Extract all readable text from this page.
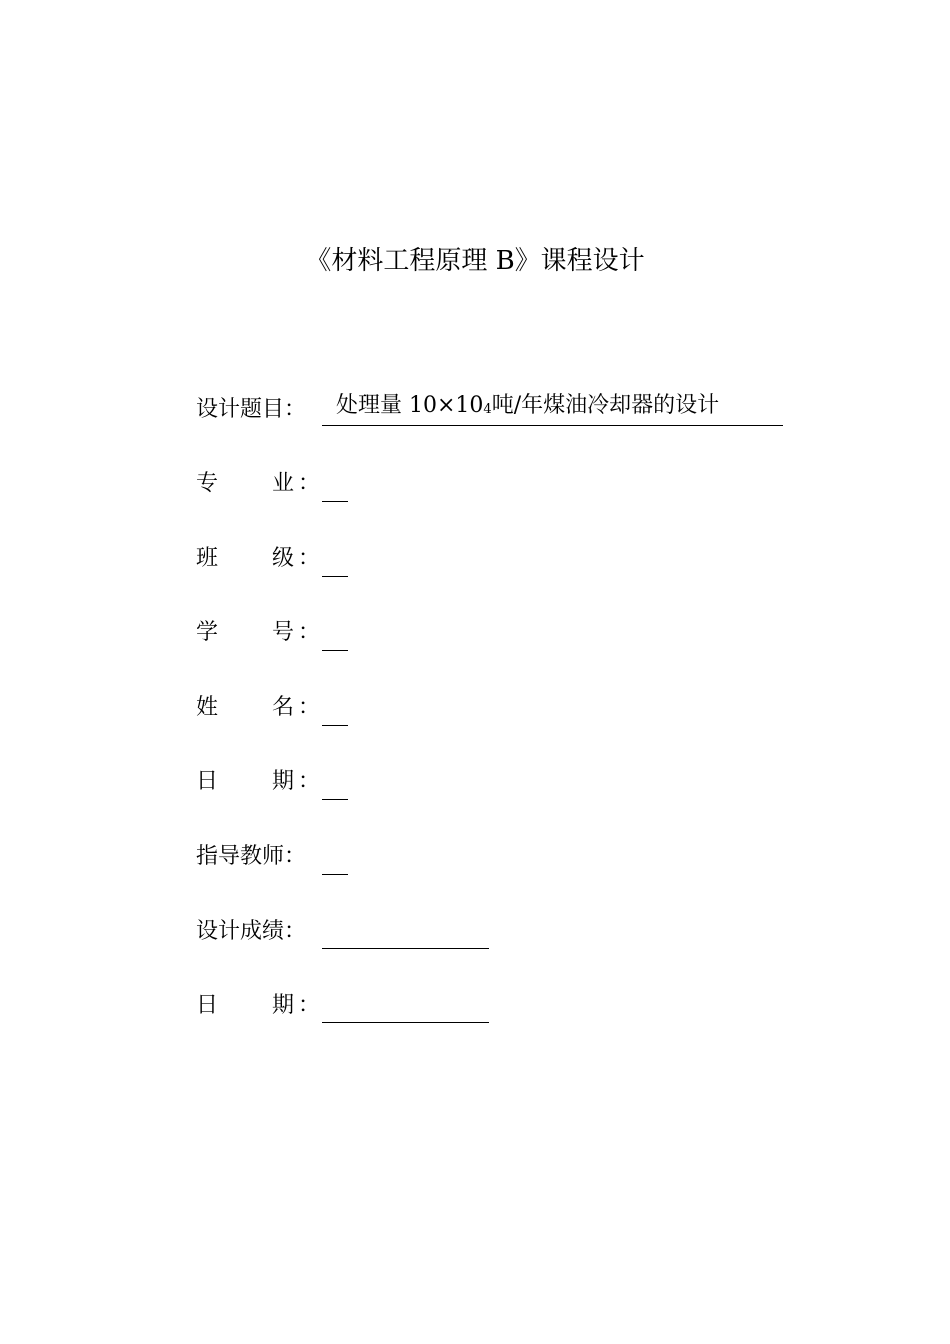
《材料工程原理 B》课程设计
设计题目：	处理量 $10\times 10^4$吨/年煤油冷却器的设计
专 业 ：
班 级 ：
学 号 ：
姓 名 ：
日 期 ：
指导教师：
设计成绩：
日 期 ：
